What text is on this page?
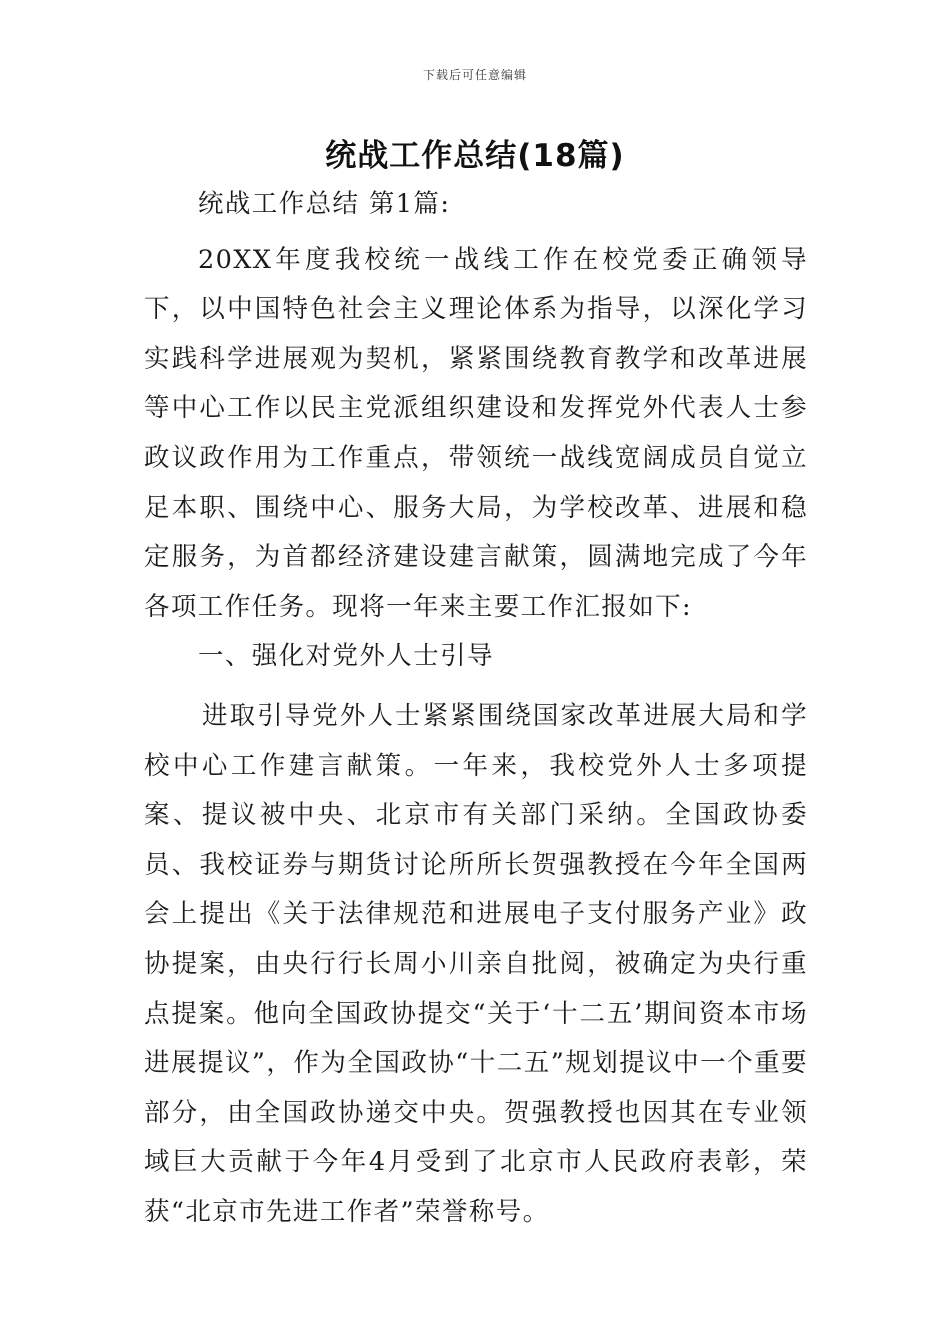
下载后可任意编辑
统战工作总结(18篇)

统战工作总结 第1篇:

20XX年度我校统一战线工作在校党委正确领导下，以中国特色社会主义理论体系为指导，以深化学习实践科学进展观为契机，紧紧围绕教育教学和改革进展等中心工作以民主党派组织建设和发挥党外代表人士参政议政作用为工作重点，带领统一战线宽阔成员自觉立足本职、围绕中心、服务大局，为学校改革、进展和稳定服务，为首都经济建设建言献策，圆满地完成了今年各项工作任务。现将一年来主要工作汇报如下:

一、强化对党外人士引导

进取引导党外人士紧紧围绕国家改革进展大局和学校中心工作建言献策。一年来，我校党外人士多项提案、提议被中央、北京市有关部门采纳。全国政协委员、我校证券与期货讨论所所长贺强教授在今年全国两会上提出《关于法律规范和进展电子支付服务产业》政协提案，由央行行长周小川亲自批阅，被确定为央行重点提案。他向全国政协提交“关于‘十二五’期间资本市场进展提议”，作为全国政协“十二五”规划提议中一个重要部分，由全国政协递交中央。贺强教授也因其在专业领域巨大贡献于今年4月受到了北京市人民政府表彰，荣获“北京市先进工作者”荣誉称号。
